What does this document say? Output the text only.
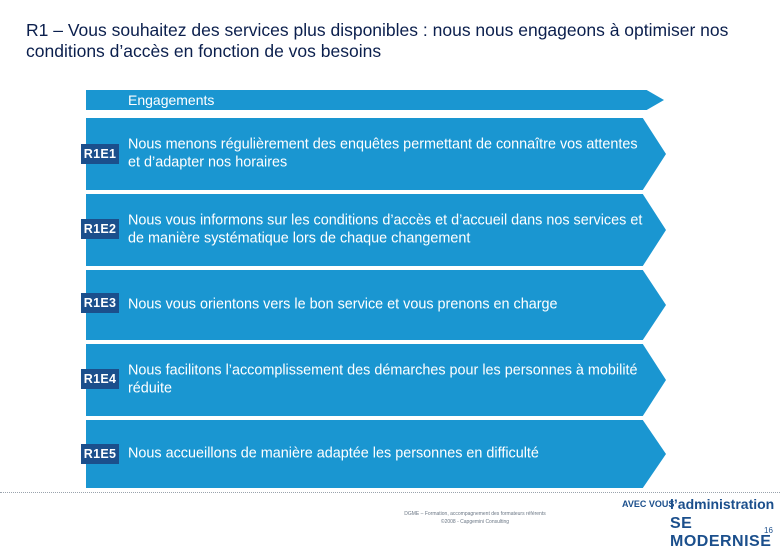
R1 – Vous souhaitez des services plus disponibles : nous nous engageons à optimiser nos conditions d’accès en fonction de vos besoins
Engagements
Nous menons régulièrement des enquêtes permettant de connaître vos attentes et d’adapter nos horaires
R1E1
Nous vous informons sur les conditions d’accès et d’accueil dans nos services et de manière systématique lors de chaque changement
R1E2
Nous vous orientons vers le bon service et vous prenons en charge
R1E3
Nous facilitons l’accomplissement des démarches pour les personnes à mobilité réduite
R1E4
Nous accueillons de manière adaptée les personnes en difficulté
R1E5
DGME – Formation, accompagnement des formateurs référents
©2008 - Capgemini Consulting
AVEC VOUS
l’administration
SE MODERNISE
16
